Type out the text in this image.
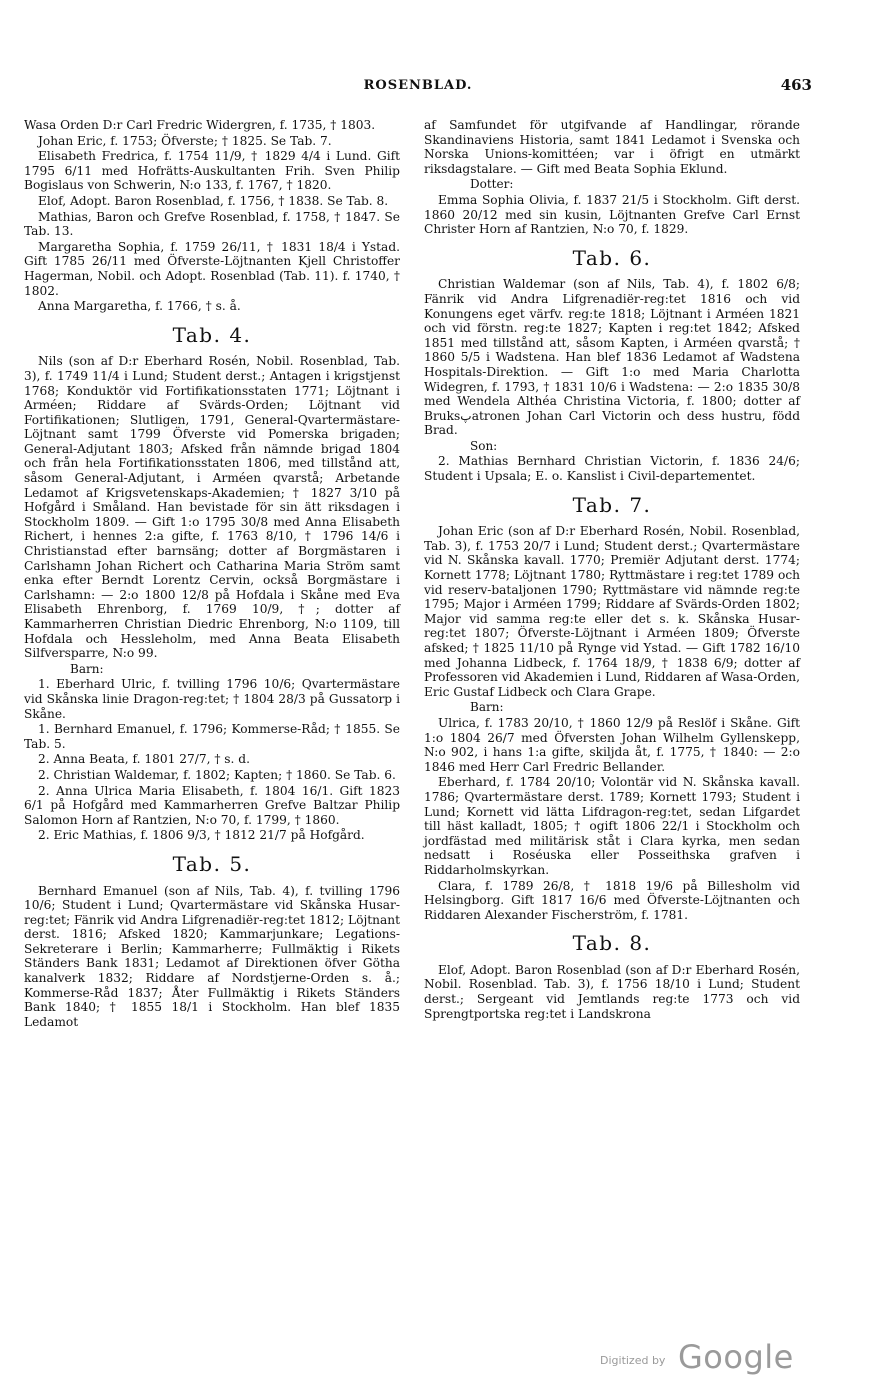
ROSENBLAD.	463

Wasa Orden D:r Carl Fredric Widergren, f. 1735, † 1803.

Johan Eric, f. 1753; Öfverste; † 1825. Se Tab. 7.

Elisabeth Fredrica, f. 1754 11/9, † 1829 4/4 i Lund. Gift 1795 6/11 med Hofrätts-Auskultanten Frih. Sven Philip Bogislaus von Schwerin, N:o 133, f. 1767, † 1820.

Elof, Adopt. Baron Rosenblad, f. 1756, † 1838. Se Tab. 8.

Mathias, Baron och Grefve Rosenblad, f. 1758, † 1847. Se Tab. 13.

Margaretha Sophia, f. 1759 26/11, † 1831 18/4 i Ystad. Gift 1785 26/11 med Öfverste-Löjtnanten Kjell Christoffer Hagerman, Nobil. och Adopt. Rosenblad (Tab. 11). f. 1740, † 1802.

Anna Margaretha, f. 1766, † s. å.

Tab. 4.

Nils (son af D:r Eberhard Rosén, Nobil. Rosenblad, Tab. 3), f. 1749 11/4 i Lund; Student derst.; Antagen i krigstjenst 1768; Konduktör vid Fortifikationsstaten 1771; Löjtnant i Arméen; Riddare af Svärds-Orden; Löjtnant vid Fortifikationen; Slutligen, 1791, General-Qvartermästare-Löjtnant samt 1799 Öfverste vid Pomerska brigaden; General-Adjutant 1803; Afsked från nämnde brigad 1804 och från hela Fortifikationsstaten 1806, med tillstånd att, såsom General-Adjutant, i Arméen qvarstå; Arbetande Ledamot af Krigsvetenskaps-Akademien; † 1827 3/10 på Hofgård i Småland. Han bevistade för sin ätt riksdagen i Stockholm 1809. — Gift 1:o 1795 30/8 med Anna Elisabeth Richert, i hennes 2:a gifte, f. 1763 8/10, † 1796 14/6 i Christianstad efter barnsäng; dotter af Borgmästaren i Carlshamn Johan Richert och Catharina Maria Ström samt enka efter Berndt Lorentz Cervin, också Borgmästare i Carlshamn: — 2:o 1800 12/8 på Hofdala i Skåne med Eva Elisabeth Ehrenborg, f. 1769 10/9, †; dotter af Kammarherren Christian Diedric Ehrenborg, N:o 1109, till Hofdala och Hessleholm, med Anna Beata Elisabeth Silfversparre, N:o 99.

Barn:

1. Eberhard Ulric, f. tvilling 1796 10/6; Qvartermästare vid Skånska linie Dragon-reg:tet; † 1804 28/3 på Gussatorp i Skåne.

1. Bernhard Emanuel, f. 1796; Kommerse-Råd; † 1855. Se Tab. 5.

2. Anna Beata, f. 1801 27/7, † s. d.

2. Christian Waldemar, f. 1802; Kapten; † 1860. Se Tab. 6.

2. Anna Ulrica Maria Elisabeth, f. 1804 16/1. Gift 1823 6/1 på Hofgård med Kammarherren Grefve Baltzar Philip Salomon Horn af Rantzien, N:o 70, f. 1799, † 1860.

2. Eric Mathias, f. 1806 9/3, † 1812 21/7 på Hofgård.

Tab. 5.

Bernhard Emanuel (son af Nils, Tab. 4), f. tvilling 1796 10/6; Student i Lund; Qvartermästare vid Skånska Husar-reg:tet; Fänrik vid Andra Lifgrenadiër-reg:tet 1812; Löjtnant derst. 1816; Afsked 1820; Kammarjunkare; Legations-Sekreterare i Berlin; Kammarherre; Fullmäktig i Rikets Ständers Bank 1831; Ledamot af Direktionen öfver Götha kanalverk 1832; Riddare af Nordstjerne-Orden s. å.; Kommerse-Råd 1837; Åter Fullmäktig i Rikets Ständers Bank 1840; † 1855 18/1 i Stockholm. Han blef 1835 Ledamot

af Samfundet för utgifvande af Handlingar, rörande Skandinaviens Historia, samt 1841 Ledamot i Svenska och Norska Unions-komittéen; var i öfrigt en utmärkt riksdagstalare. — Gift med Beata Sophia Eklund.

Dotter:

Emma Sophia Olivia, f. 1837 21/5 i Stockholm. Gift derst. 1860 20/12 med sin kusin, Löjtnanten Grefve Carl Ernst Christer Horn af Rantzien, N:o 70, f. 1829.

Tab. 6.

Christian Waldemar (son af Nils, Tab. 4), f. 1802 6/8; Fänrik vid Andra Lifgrenadiër-reg:tet 1816 och vid Konungens eget värfv. reg:te 1818; Löjtnant i Arméen 1821 och vid förstn. reg:te 1827; Kapten i reg:tet 1842; Afsked 1851 med tillstånd att, såsom Kapten, i Arméen qvarstå; † 1860 5/5 i Wadstena. Han blef 1836 Ledamot af Wadstena Hospitals-Direktion. — Gift 1:o med Maria Charlotta Widegren, f. 1793, † 1831 10/6 i Wadstena: — 2:o 1835 30/8 med Wendela Althéa Christina Victoria, f. 1800; dotter af Bruksپatronen Johan Carl Victorin och dess hustru, född Brad.

Son:

2. Mathias Bernhard Christian Victorin, f. 1836 24/6; Student i Upsala; E. o. Kanslist i Civil-departementet.

Tab. 7.

Johan Eric (son af D:r Eberhard Rosén, Nobil. Rosenblad, Tab. 3), f. 1753 20/7 i Lund; Student derst.; Qvartermästare vid N. Skånska kavall. 1770; Premiër Adjutant derst. 1774; Kornett 1778; Löjtnant 1780; Ryttmästare i reg:tet 1789 och vid reserv-bataljonen 1790; Ryttmästare vid nämnde reg:te 1795; Major i Arméen 1799; Riddare af Svärds-Orden 1802; Major vid samma reg:te eller det s. k. Skånska Husar-reg:tet 1807; Öfverste-Löjtnant i Arméen 1809; Öfverste afsked; † 1825 11/10 på Rynge vid Ystad. — Gift 1782 16/10 med Johanna Lidbeck, f. 1764 18/9, † 1838 6/9; dotter af Professoren vid Akademien i Lund, Riddaren af Wasa-Orden, Eric Gustaf Lidbeck och Clara Grape.

Barn:

Ulrica, f. 1783 20/10, † 1860 12/9 på Reslöf i Skåne. Gift 1:o 1804 26/7 med Öfversten Johan Wilhelm Gyllenskepp, N:o 902, i hans 1:a gifte, skiljda åt, f. 1775, † 1840: — 2:o 1846 med Herr Carl Fredric Bellander.

Eberhard, f. 1784 20/10; Volontär vid N. Skånska kavall. 1786; Qvartermästare derst. 1789; Kornett 1793; Student i Lund; Kornett vid lätta Lifdragon-reg:tet, sedan Lifgardet till häst kalladt, 1805; † ogift 1806 22/1 i Stockholm och jordfästad med militärisk ståt i Clara kyrka, men sedan nedsatt i Roséuska eller Posseithska grafven i Riddarholmskyrkan.

Clara, f. 1789 26/8, † 1818 19/6 på Billesholm vid Helsingborg. Gift 1817 16/6 med Öfverste-Löjtnanten och Riddaren Alexander Fischerström, f. 1781.

Tab. 8.

Elof, Adopt. Baron Rosenblad (son af D:r Eberhard Rosén, Nobil. Rosenblad. Tab. 3), f. 1756 18/10 i Lund; Student derst.; Sergeant vid Jemtlands reg:te 1773 och vid Sprengtportska reg:tet i Landskrona

Digitized by Google
